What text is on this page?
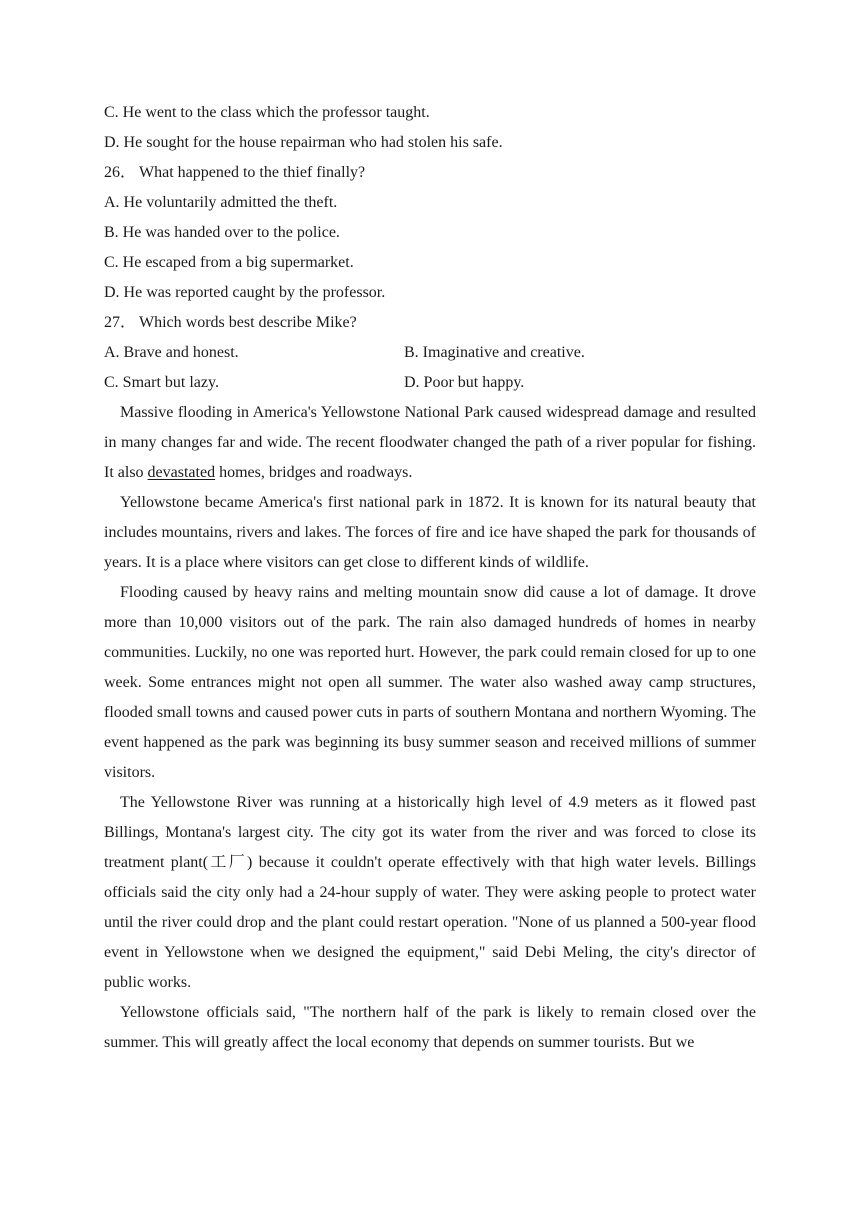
C. He went to the class which the professor taught.

D. He sought for the house repairman who had stolen his safe.

26． What happened to the thief finally?

A. He voluntarily admitted the theft.

B. He was handed over to the police.

C. He escaped from a big supermarket.

D. He was reported caught by the professor.

27． Which words best describe Mike?

A. Brave and honest.	B. Imaginative and creative.
C. Smart but lazy.	D. Poor but happy.

Massive flooding in America's Yellowstone National Park caused widespread damage and resulted in many changes far and wide. The recent floodwater changed the path of a river popular for fishing. It also devastated homes, bridges and roadways.

Yellowstone became America's first national park in 1872. It is known for its natural beauty that includes mountains, rivers and lakes. The forces of fire and ice have shaped the park for thousands of years. It is a place where visitors can get close to different kinds of wildlife.

Flooding caused by heavy rains and melting mountain snow did cause a lot of damage. It drove more than 10,000 visitors out of the park. The rain also damaged hundreds of homes in nearby communities. Luckily, no one was reported hurt. However, the park could remain closed for up to one week. Some entrances might not open all summer. The water also washed away camp structures, flooded small towns and caused power cuts in parts of southern Montana and northern Wyoming. The event happened as the park was beginning its busy summer season and received millions of summer visitors.

The Yellowstone River was running at a historically high level of 4.9 meters as it flowed past Billings, Montana's largest city. The city got its water from the river and was forced to close its treatment plant(工厂) because it couldn't operate effectively with that high water levels. Billings officials said the city only had a 24-hour supply of water. They were asking people to protect water until the river could drop and the plant could restart operation. "None of us planned a 500-year flood event in Yellowstone when we designed the equipment," said Debi Meling, the city's director of public works.

Yellowstone officials said, "The northern half of the park is likely to remain closed over the summer. This will greatly affect the local economy that depends on summer tourists. But we
